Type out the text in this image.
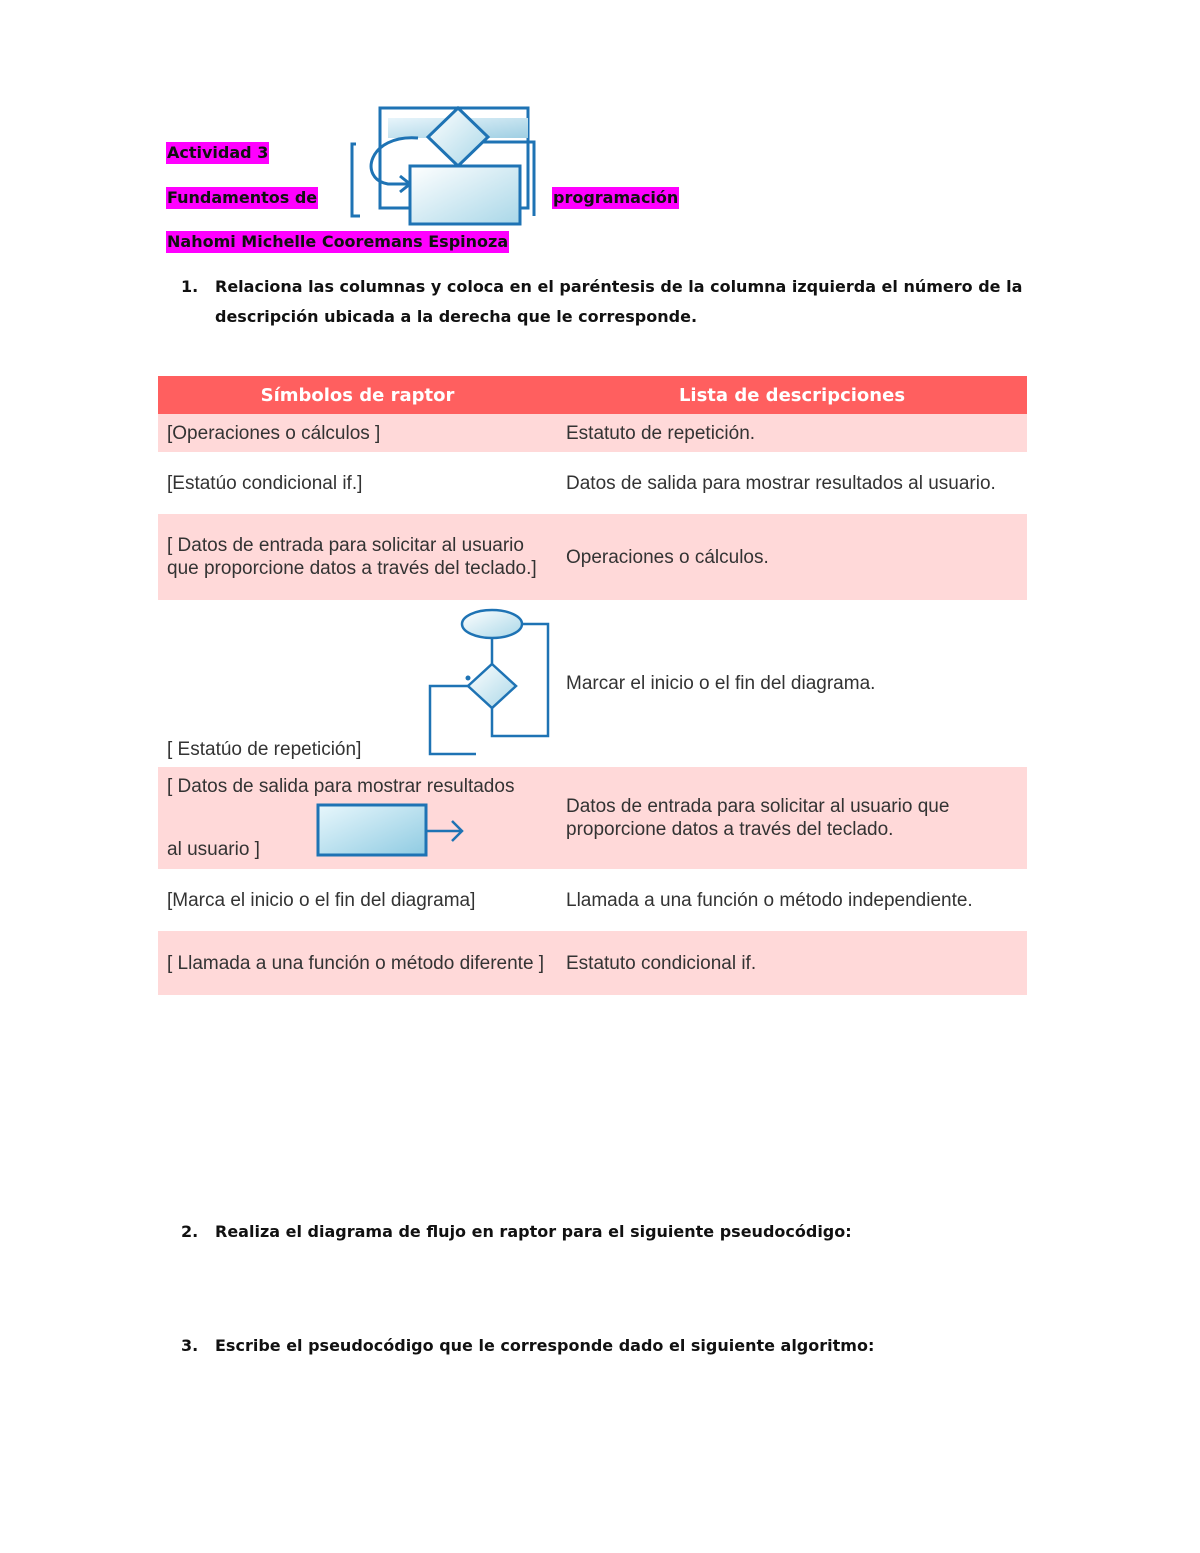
Actividad 3
Fundamentos de	programación
Nahomi Michelle Cooremans Espinoza
1. Relaciona las columnas y coloca en el paréntesis de la columna izquierda el número de la
descripción ubicada a la derecha que le corresponde.
Símbolos de raptor	Lista de descripciones
[Operaciones o cálculos ]	Estatuto de repetición.
[Estatúo condicional if.]	Datos de salida para mostrar resultados al usuario.
[ Datos de entrada para solicitar al usuario que proporcione datos a través del teclado.]	Operaciones o cálculos.
[ Estatúo de repetición]	Marcar el inicio o el fin del diagrama.

[ Datos de salida para mostrar resultados
al usuario ]	Datos de entrada para solicitar al usuario que proporcione datos a través del teclado.
[Marca el inicio o el fin del diagrama]	Llamada a una función o método independiente.
[ Llamada a una función o método diferente ]	Estatuto condicional if.
2. Realiza el diagrama de flujo en raptor para el siguiente pseudocódigo:
3. Escribe el pseudocódigo que le corresponde dado el siguiente algoritmo:
